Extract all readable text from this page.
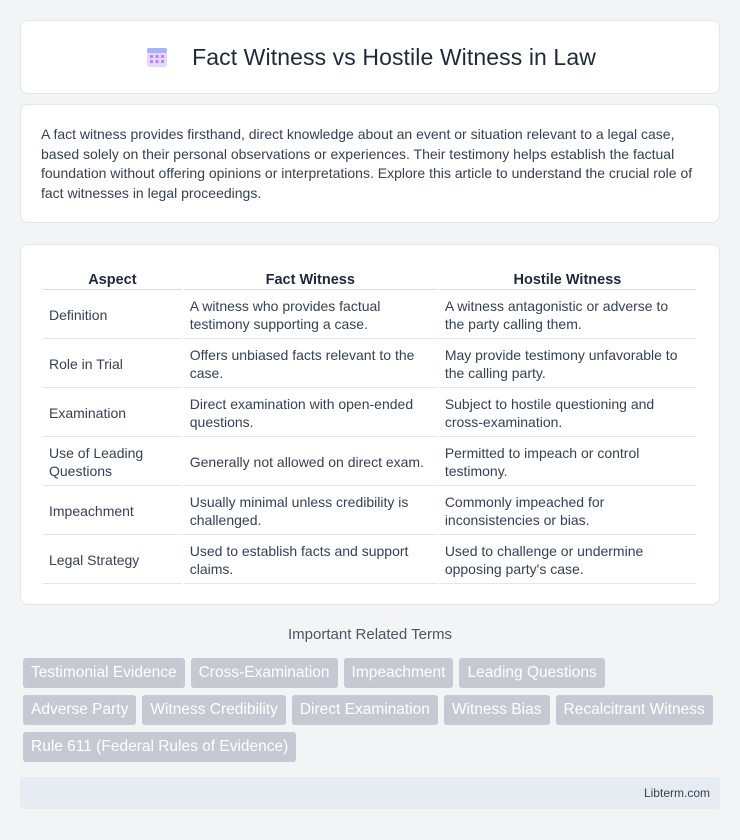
Fact Witness vs Hostile Witness in Law

A fact witness provides firsthand, direct knowledge about an event or situation relevant to a legal case, based solely on their personal observations or experiences. Their testimony helps establish the factual foundation without offering opinions or interpretations. Explore this article to understand the crucial role of fact witnesses in legal proceedings.

Aspect	Fact Witness	Hostile Witness
Definition	A witness who provides factual testimony supporting a case.	A witness antagonistic or adverse to the party calling them.
Role in Trial	Offers unbiased facts relevant to the case.	May provide testimony unfavorable to the calling party.
Examination	Direct examination with open-ended questions.	Subject to hostile questioning and cross-examination.
Use of Leading Questions	Generally not allowed on direct exam.	Permitted to impeach or control testimony.
Impeachment	Usually minimal unless credibility is challenged.	Commonly impeached for inconsistencies or bias.
Legal Strategy	Used to establish facts and support claims.	Used to challenge or undermine opposing party's case.
Important Related Terms
Testimonial Evidence	Cross-Examination	Impeachment	Leading Questions
Adverse Party	Witness Credibility	Direct Examination	Witness Bias	Recalcitrant Witness
Rule 611 (Federal Rules of Evidence)
Libterm.com
